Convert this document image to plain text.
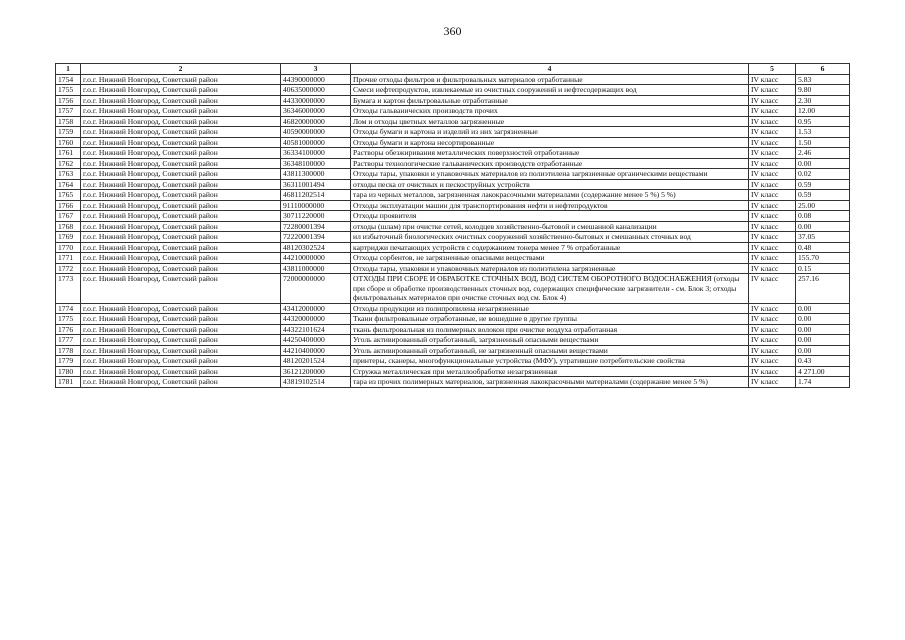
360
1	2	3	4	5	6
1754	г.о.г. Нижний Новгород, Советский район	44390000000	Прочие отходы фильтров и фильтровальных материалов отработанные	IV класс	5.83
1755	г.о.г. Нижний Новгород, Советский район	40635000000	Смеси нефтепродуктов, извлекаемые из очистных сооружений и нефтесодержащих вод	IV класс	9.80
1756	г.о.г. Нижний Новгород, Советский район	44330000000	Бумага и картон фильтровальные отработанные	IV класс	2.30
1757	г.о.г. Нижний Новгород, Советский район	36346000000	Отходы гальванических производств прочих	IV класс	12.00
1758	г.о.г. Нижний Новгород, Советский район	46820000000	Лом и отходы цветных металлов загрязненные	IV класс	0.95
1759	г.о.г. Нижний Новгород, Советский район	40590000000	Отходы бумаги и картона и изделий из них загрязненные	IV класс	1.53
1760	г.о.г. Нижний Новгород, Советский район	40581000000	Отходы бумаги и картона несортированные	IV класс	1.50
1761	г.о.г. Нижний Новгород, Советский район	36334100000	Растворы обезжиривания металлических поверхностей отработанные	IV класс	2.46
1762	г.о.г. Нижний Новгород, Советский район	36348100000	Растворы технологические гальванических производств отработанные	IV класс	0.00
1763	г.о.г. Нижний Новгород, Советский район	43811300000	Отходы тары, упаковки и упаковочных материалов из полиэтилена загрязненные органическими веществами	IV класс	0.02
1764	г.о.г. Нижний Новгород, Советский район	36311001494	отходы песка от очистных и пескоструйных устройств	IV класс	0.59
1765	г.о.г. Нижний Новгород, Советский район	46811202514	тара из черных металлов, загрязненная лакокрасочными материалами (содержание менее 5 %) 5 %)	IV класс	0.59
1766	г.о.г. Нижний Новгород, Советский район	91110000000	Отходы эксплуатации машин для транспортирования нефти и нефтепродуктов	IV класс	25.00
1767	г.о.г. Нижний Новгород, Советский район	30711220000	Отходы проявителя	IV класс	0.08
1768	г.о.г. Нижний Новгород, Советский район	72280001394	отходы (шлам) при очистке сетей, колодцев хозяйственно-бытовой и смешанной канализации	IV класс	0.00
1769	г.о.г. Нижний Новгород, Советский район	72220001394	ил избыточный биологических очистных сооружений хозяйственно-бытовых и смешанных сточных вод	IV класс	37.05
1770	г.о.г. Нижний Новгород, Советский район	48120302524	картриджи печатающих устройств с содержанием тонера менее 7 % отработанные	IV класс	0.48
1771	г.о.г. Нижний Новгород, Советский район	44210000000	Отходы сорбентов, не загрязненные опасными веществами	IV класс	155.70
1772	г.о.г. Нижний Новгород, Советский район	43811000000	Отходы тары, упаковки и упаковочных материалов из полиэтилена загрязненные	IV класс	0.15
1773	г.о.г. Нижний Новгород, Советский район	72000000000	ОТХОДЫ ПРИ СБОРЕ И ОБРАБОТКЕ СТОЧНЫХ ВОД, ВОД СИСТЕМ ОБОРОТНОГО ВОДОСНАБЖЕНИЯ (отходы при сборе и обработке производственных сточных вод, содержащих специфические загрязнители - см. Блок 3; отходы фильтровальных материалов при очистке сточных вод см. Блок 4)	IV класс	257.16
1774	г.о.г. Нижний Новгород, Советский район	43412000000	Отходы продукции из полипропилена незагрязненные	IV класс	0.00
1775	г.о.г. Нижний Новгород, Советский район	44320000000	Ткани фильтровальные отработанные, не вошедшие в другие группы	IV класс	0.00
1776	г.о.г. Нижний Новгород, Советский район	44322101624	ткань фильтровальная из полимерных волокон при очистке воздуха отработанная	IV класс	0.00
1777	г.о.г. Нижний Новгород, Советский район	44250400000	Уголь активированный отработанный, загрязненный опасными веществами	IV класс	0.00
1778	г.о.г. Нижний Новгород, Советский район	44210400000	Уголь активированный отработанный, не загрязненный опасными веществами	IV класс	0.00
1779	г.о.г. Нижний Новгород, Советский район	48120201524	принтеры, сканеры, многофункциональные устройства (МФУ), утратившие потребительские свойства	IV класс	0.43
1780	г.о.г. Нижний Новгород, Советский район	36121200000	Стружка металлическая при металлообработке незагрязненная	IV класс	4 271.00
1781	г.о.г. Нижний Новгород, Советский район	43819102514	тара из прочих полимерных материалов, загрязненная лакокрасочными материалами (содержание менее 5 %)	IV класс	1.74
